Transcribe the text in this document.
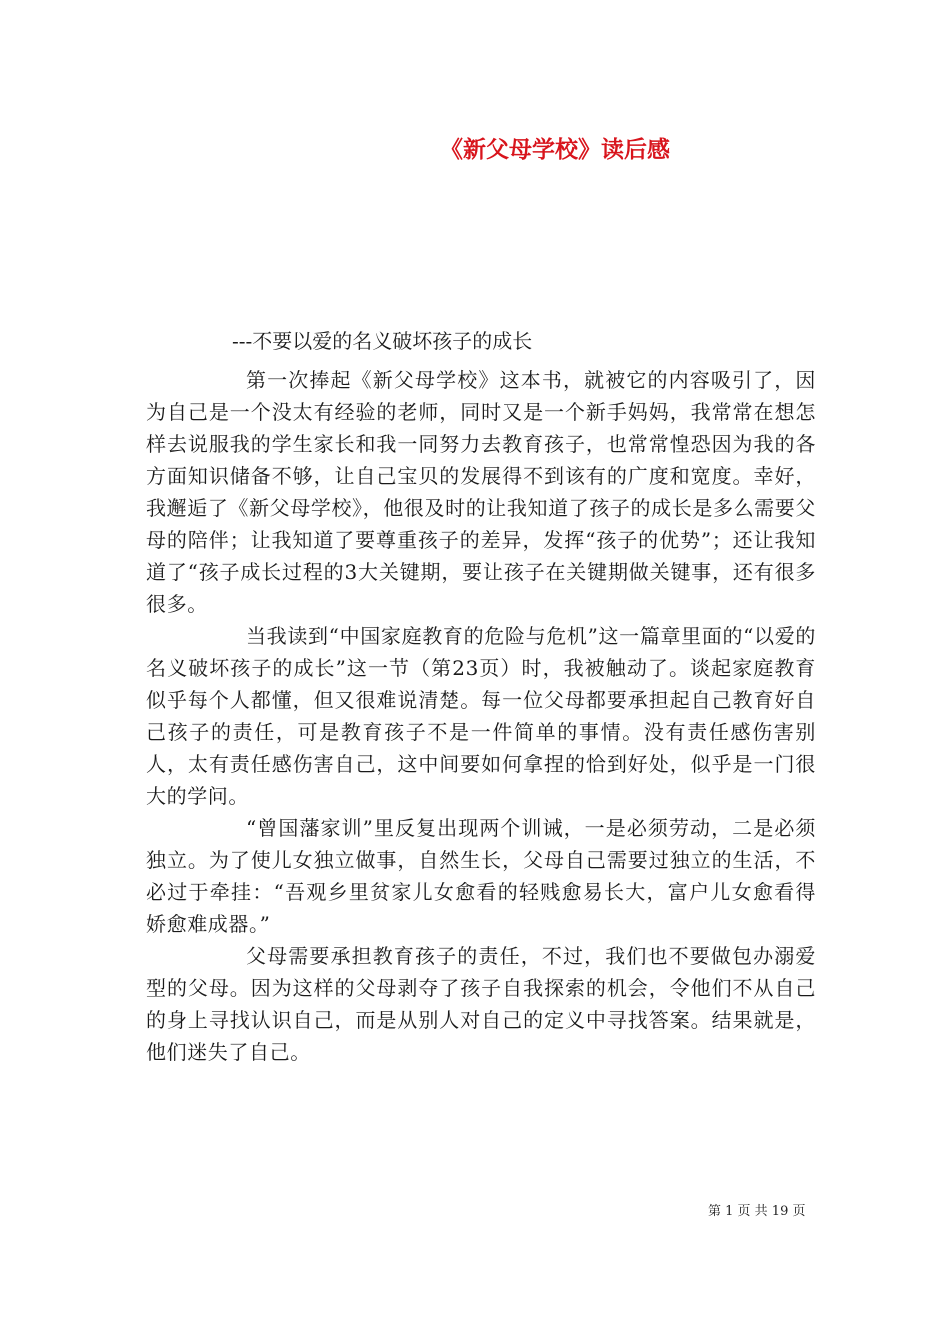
《新父母学校》读后感
---不要以爱的名义破坏孩子的成长

第一次捧起《新父母学校》这本书，就被它的内容吸引了，因为自己是一个没太有经验的老师，同时又是一个新手妈妈，我常常在想怎样去说服我的学生家长和我一同努力去教育孩子，也常常惶恐因为我的各方面知识储备不够，让自己宝贝的发展得不到该有的广度和宽度。幸好，我邂逅了《新父母学校》，他很及时的让我知道了孩子的成长是多么需要父母的陪伴；让我知道了要尊重孩子的差异，发挥“孩子的优势”；还让我知道了“孩子成长过程的3大关键期，要让孩子在关键期做关键事，还有很多很多。

当我读到“中国家庭教育的危险与危机”这一篇章里面的“以爱的名义破坏孩子的成长”这一节（第23页）时，我被触动了。谈起家庭教育似乎每个人都懂，但又很难说清楚。每一位父母都要承担起自己教育好自己孩子的责任，可是教育孩子不是一件简单的事情。没有责任感伤害别人，太有责任感伤害自己，这中间要如何拿捏的恰到好处，似乎是一门很大的学问。

“曾国藩家训”里反复出现两个训诫，一是必须劳动，二是必须独立。为了使儿女独立做事，自然生长，父母自己需要过独立的生活，不必过于牵挂：“吾观乡里贫家儿女愈看的轻贱愈易长大，富户儿女愈看得娇愈难成器。”

父母需要承担教育孩子的责任，不过，我们也不要做包办溺爱型的父母。因为这样的父母剥夺了孩子自我探索的机会，令他们不从自己的身上寻找认识自己，而是从别人对自己的定义中寻找答案。结果就是，他们迷失了自己。

第 1 页 共 19 页
